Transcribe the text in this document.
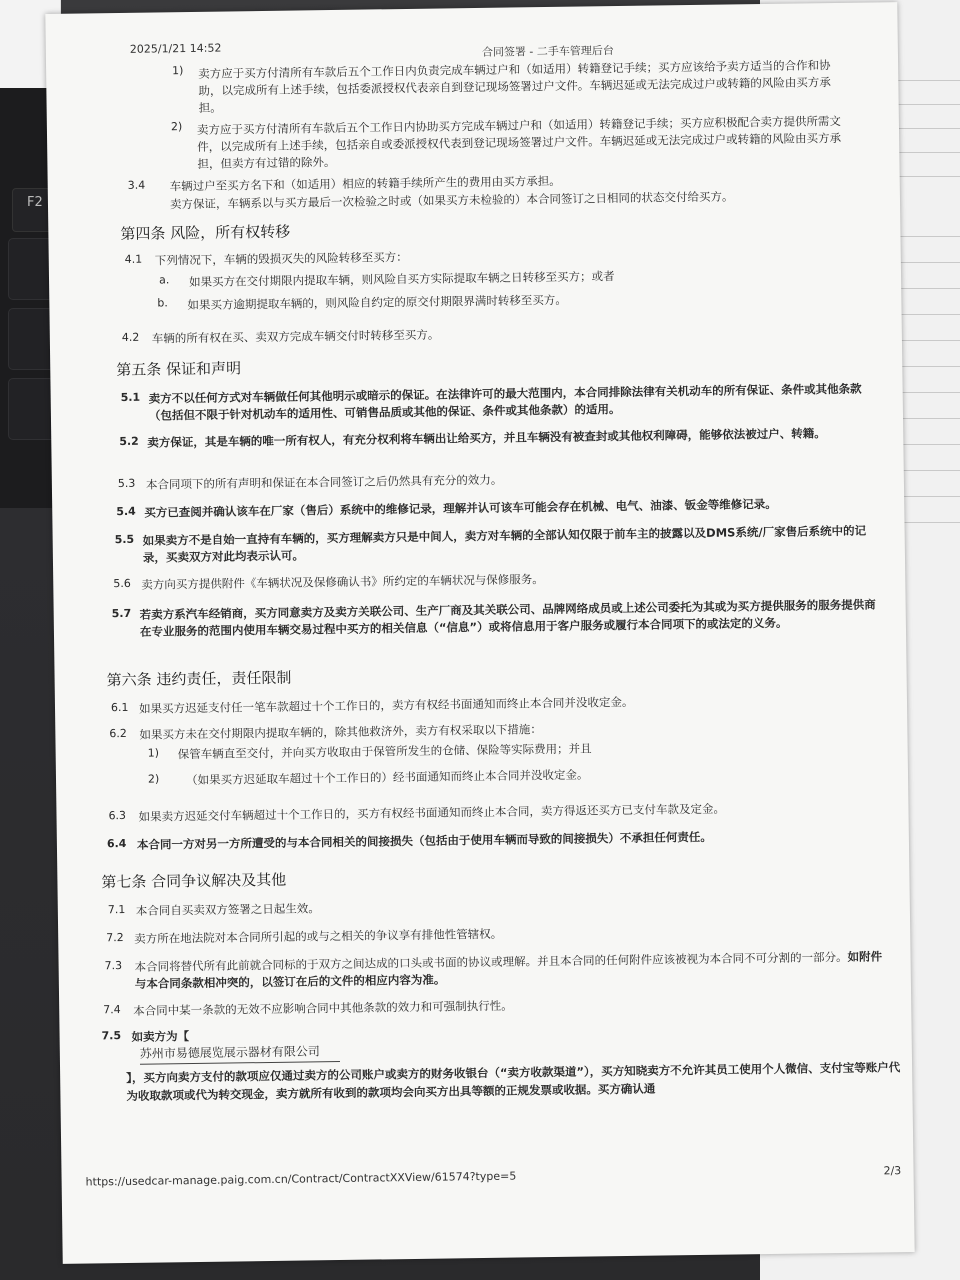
F2
2025/1/21 14:52	合同签署 - 二手车管理后台
1) 卖方应于买方付清所有车款后五个工作日内负责完成车辆过户和（如适用）转籍登记手续；买方应该给予卖方适当的合作和协助，以完成所有上述手续，包括委派授权代表亲自到登记现场签署过户文件。车辆迟延或无法完成过户或转籍的风险由买方承担。
2) 卖方应于买方付清所有车款后五个工作日内协助买方完成车辆过户和（如适用）转籍登记手续；买方应积极配合卖方提供所需文件，以完成所有上述手续，包括亲自或委派授权代表到登记现场签署过户文件。车辆迟延或无法完成过户或转籍的风险由买方承担，但卖方有过错的除外。
3.4 车辆过户至买方名下和（如适用）相应的转籍手续所产生的费用由买方承担。
卖方保证，车辆系以与买方最后一次检验之时或（如果买方未检验的）本合同签订之日相同的状态交付给买方。
第四条 风险，所有权转移
4.1 下列情况下，车辆的毁损灭失的风险转移至买方：
a. 如果买方在交付期限内提取车辆，则风险自买方实际提取车辆之日转移至买方；或者
b. 如果买方逾期提取车辆的，则风险自约定的原交付期限界满时转移至买方。
4.2 车辆的所有权在买、卖双方完成车辆交付时转移至买方。
第五条 保证和声明
5.1 卖方不以任何方式对车辆做任何其他明示或暗示的保证。在法律许可的最大范围内，本合同排除法律有关机动车的所有保证、条件或其他条款（包括但不限于针对机动车的适用性、可销售品质或其他的保证、条件或其他条款）的适用。
5.2 卖方保证，其是车辆的唯一所有权人，有充分权利将车辆出让给买方，并且车辆没有被查封或其他权利障碍，能够依法被过户、转籍。
5.3 本合同项下的所有声明和保证在本合同签订之后仍然具有充分的效力。
5.4 买方已查阅并确认该车在厂家（售后）系统中的维修记录，理解并认可该车可能会存在机械、电气、油漆、钣金等维修记录。
5.5 如果卖方不是自始一直持有车辆的，买方理解卖方只是中间人，卖方对车辆的全部认知仅限于前车主的披露以及DMS系统/厂家售后系统中的记录，买卖双方对此均表示认可。
5.6 卖方向买方提供附件《车辆状况及保修确认书》所约定的车辆状况与保修服务。
5.7 若卖方系汽车经销商，买方同意卖方及卖方关联公司、生产厂商及其关联公司、品牌网络成员或上述公司委托为其或为买方提供服务的服务提供商在专业服务的范围内使用车辆交易过程中买方的相关信息（“信息”）或将信息用于客户服务或履行本合同项下的或法定的义务。
第六条 违约责任，责任限制
6.1 如果买方迟延支付任一笔车款超过十个工作日的，卖方有权经书面通知而终止本合同并没收定金。
6.2 如果买方未在交付期限内提取车辆的，除其他救济外，卖方有权采取以下措施：
1) 保管车辆直至交付，并向买方收取由于保管所发生的仓储、保险等实际费用；并且
2) （如果买方迟延取车超过十个工作日的）经书面通知而终止本合同并没收定金。
6.3 如果卖方迟延交付车辆超过十个工作日的，买方有权经书面通知而终止本合同，卖方得返还买方已支付车款及定金。
6.4 本合同一方对另一方所遭受的与本合同相关的间接损失（包括由于使用车辆而导致的间接损失）不承担任何责任。
第七条 合同争议解决及其他
7.1 本合同自买卖双方签署之日起生效。
7.2 卖方所在地法院对本合同所引起的或与之相关的争议享有排他性管辖权。
7.3 本合同将替代所有此前就合同标的于双方之间达成的口头或书面的协议或理解。并且本合同的任何附件应该被视为本合同不可分割的一部分。如附件与本合同条款相冲突的，以签订在后的文件的相应内容为准。
7.4 本合同中某一条款的无效不应影响合同中其他条款的效力和可强制执行性。
7.5 如卖方为【
苏州市易德展览展示器材有限公司
】，买方向卖方支付的款项应仅通过卖方的公司账户或卖方的财务收银台（“卖方收款渠道”），买方知晓卖方不允许其员工使用个人微信、支付宝等账户代为收取款项或代为转交现金，卖方就所有收到的款项均会向买方出具等额的正规发票或收据。买方确认通
https://usedcar-manage.paig.com.cn/Contract/ContractXXView/61574?type=5	2/3
